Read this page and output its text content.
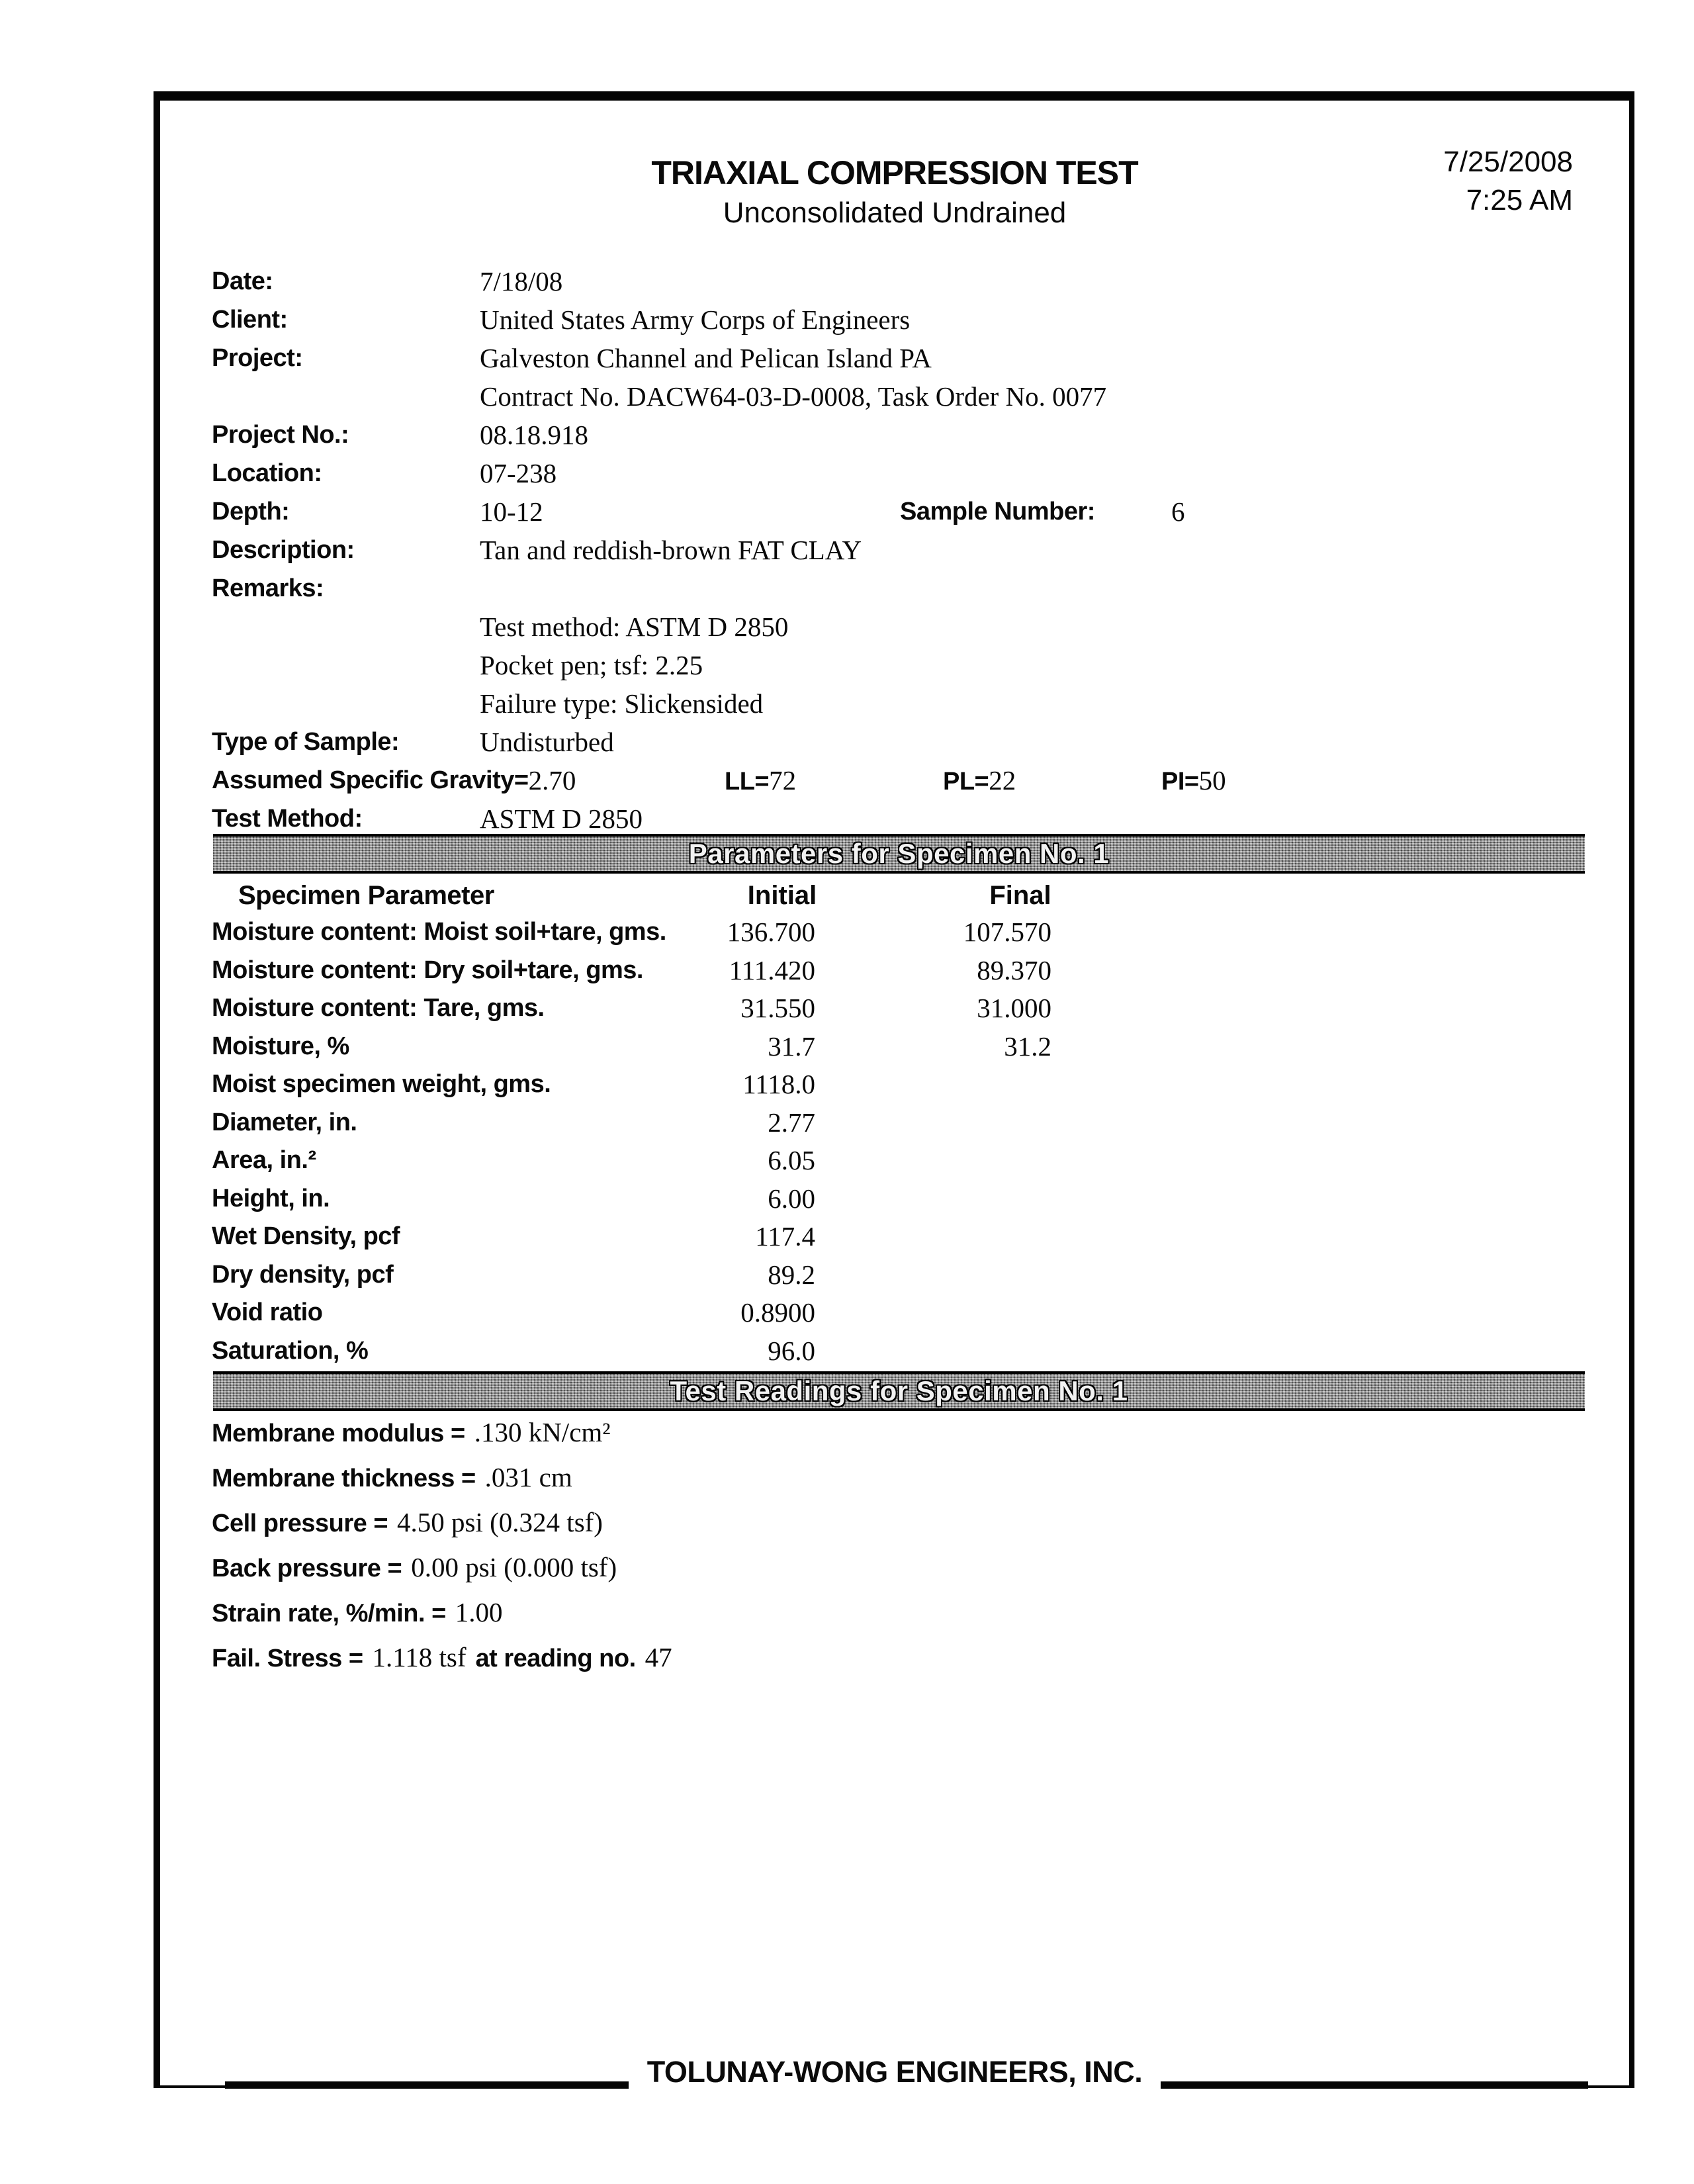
TRIAXIAL COMPRESSION TEST
Unconsolidated Undrained
7/25/2008
7:25 AM
Date:	7/18/08
Client:	United States Army Corps of Engineers
Project:	Galveston Channel and Pelican Island PA
Contract No. DACW64-03-D-0008, Task Order No. 0077
Project No.:	08.18.918
Location:	07-238
Depth:	10-12	Sample Number:	6
Description:	Tan and reddish-brown FAT CLAY
Remarks:
Test method: ASTM D 2850
Pocket pen; tsf: 2.25
Failure type: Slickensided
Type of Sample:	Undisturbed
Assumed Specific Gravity= 2.70	LL=72	PL=22	PI=50
Test Method:	ASTM D 2850
Parameters for Specimen No. 1
Specimen Parameter	Initial	Final
Moisture content: Moist soil+tare, gms.	136.700	107.570
Moisture content: Dry soil+tare, gms.	111.420	89.370
Moisture content: Tare, gms.	31.550	31.000
Moisture, %	31.7	31.2
Moist specimen weight, gms.	1118.0
Diameter, in.	2.77
Area, in.²	6.05
Height, in.	6.00
Wet Density, pcf	117.4
Dry density, pcf	89.2
Void ratio	0.8900
Saturation, %	96.0
Test Readings for Specimen No. 1
Membrane modulus = .130 kN/cm²
Membrane thickness = .031 cm
Cell pressure = 4.50 psi (0.324 tsf)
Back pressure = 0.00 psi (0.000 tsf)
Strain rate, %/min. = 1.00
Fail. Stress = 1.118 tsf at reading no. 47
TOLUNAY-WONG ENGINEERS, INC.
